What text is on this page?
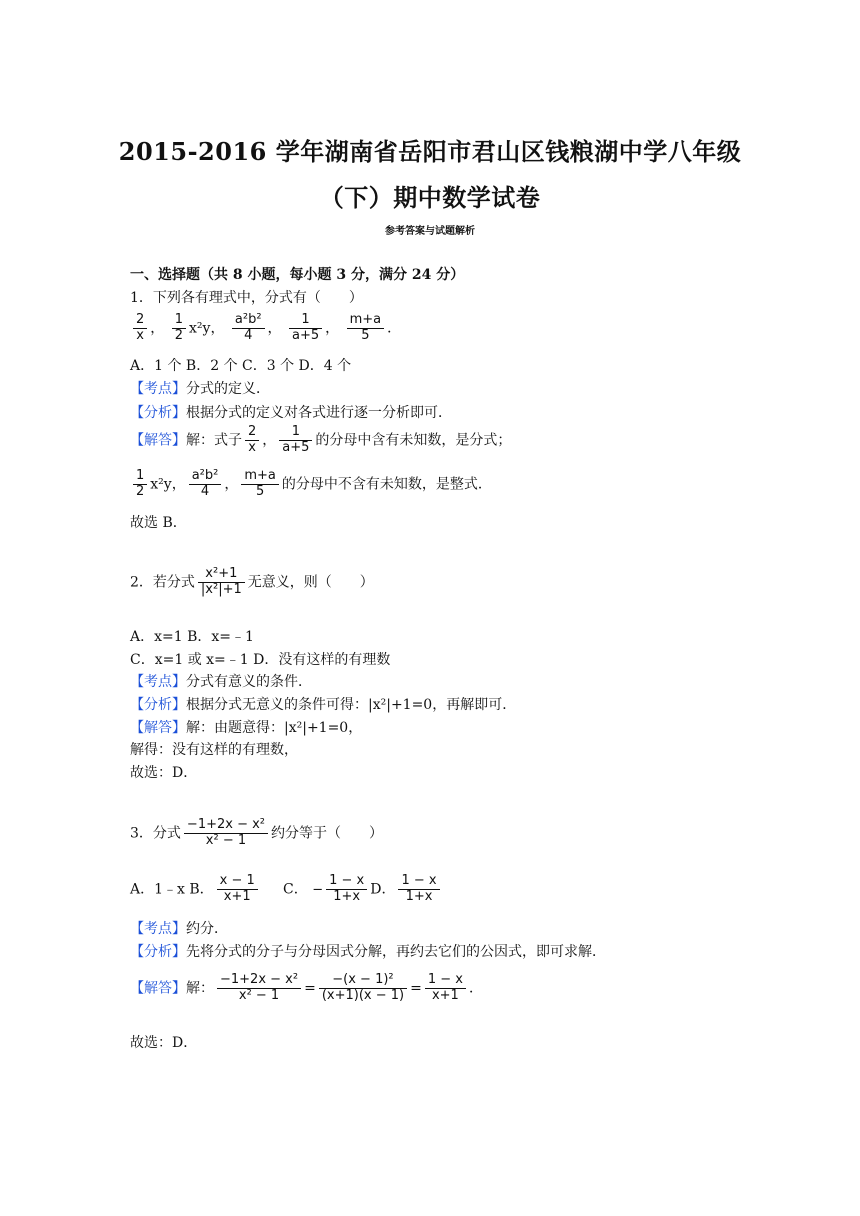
2015-2016 学年湖南省岳阳市君山区钱粮湖中学八年级
（下）期中数学试卷
参考答案与试题解析
一、选择题（共 8 小题，每小题 3 分，满分 24 分）
1．下列各有理式中，分式有（　　）
$\frac{2}{x}$ ， $\frac{1}{2} x^2y$， $\frac{\text{a²b²}}{4}$ ， $\frac{1}{a+5}$ ， $\frac{m+a}{5}$ ．
A．1 个 B．2 个 C．3 个 D．4 个
【考点】分式的定义．
【分析】根据分式的定义对各式进行逐一分析即可．
【解答】解：式子 $\frac{2}{x}$ ， $\frac{1}{a+5}$ 的分母中含有未知数，是分式；
$\frac{1}{2} x^2y$， $\frac{\text{a²b²}}{4}$ ， $\frac{m+a}{5}$ 的分母中不含有未知数，是整式．
故选 B．
2．若分式 $\frac{\text{x²+1}}{\text{|x²|+1}}$ 无意义，则（　　）
A．x=1 B．x=﹣1
C．x=1 或 x=﹣1 D．没有这样的有理数
【考点】分式有意义的条件．
【分析】根据分式无意义的条件可得：|x²|+1=0，再解即可．
【解答】解：由题意得：|x²|+1=0，
解得：没有这样的有理数，
故选：D．
3．分式 $\frac{\text{−1+2x − x²}}{\text{x² − 1}}$ 约分等于（　　）
A．1﹣x B． $\frac{x - 1}{x+1}$ C． − $\frac{1 - x}{1+x}$ D． $\frac{1 - x}{1+x}$
【考点】约分．
【分析】先将分式的分子与分母因式分解，再约去它们的公因式，即可求解．
【解答】解： $\frac{\text{−1+2x − x²}}{\text{x² − 1}} = \frac{\text{−(x − 1)²}}{(x+1)(x - 1)} = \frac{1 - x}{x+1}$ ．
故选：D．
